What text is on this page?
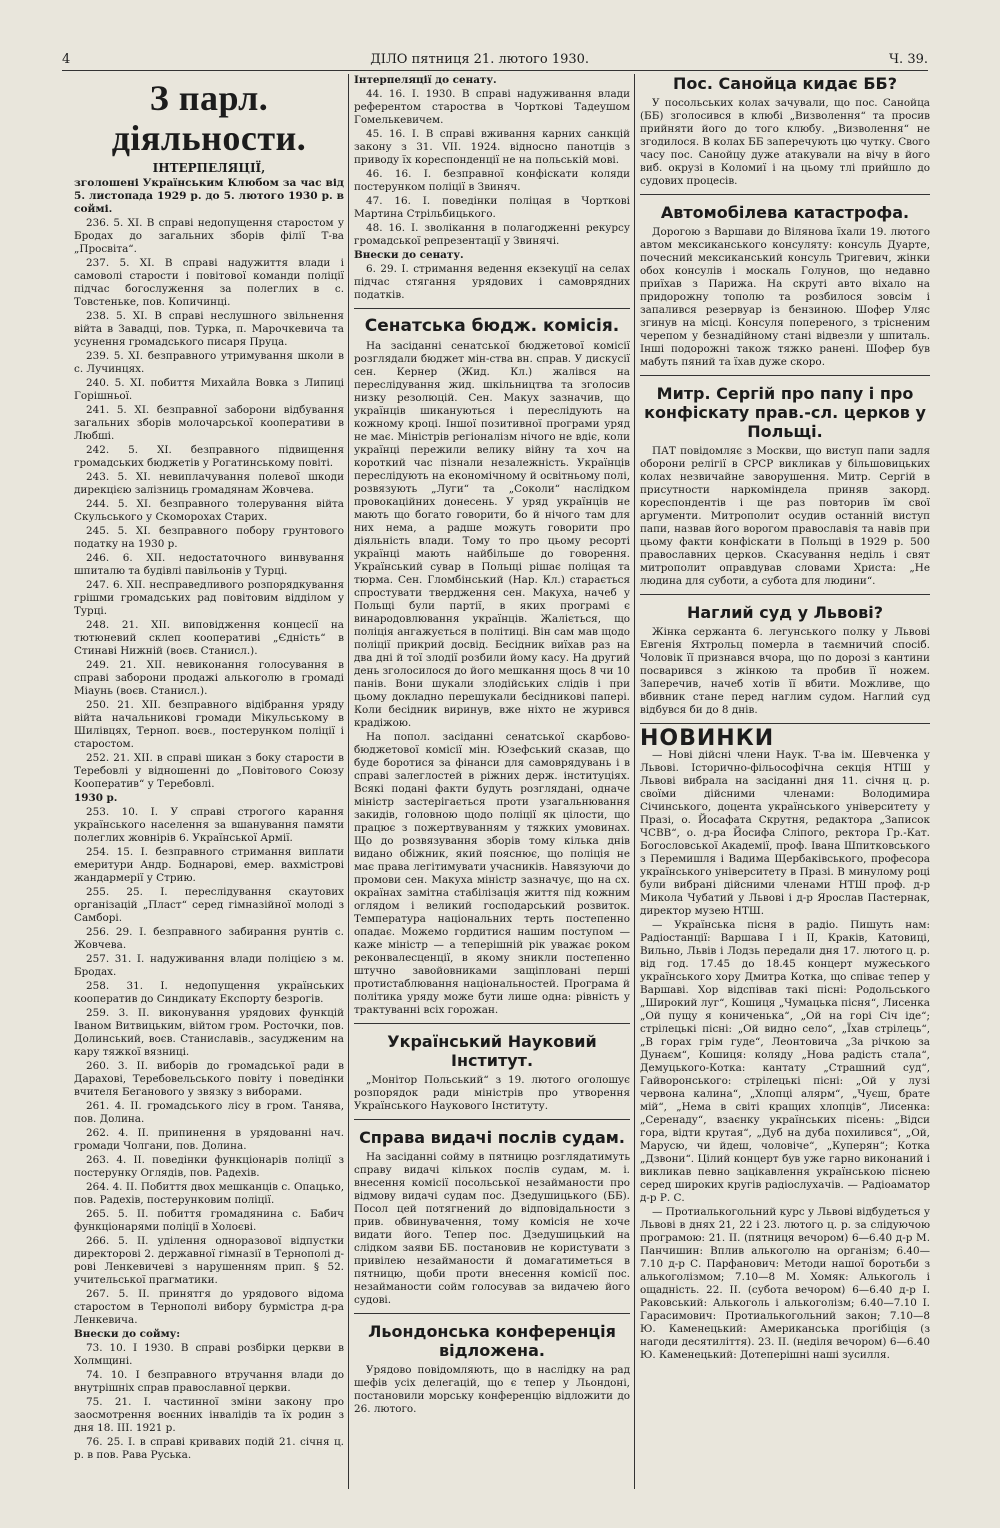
4	ДІЛО пятниця 21. лютого 1930.	Ч. 39.
З парл. діяльности.
ІНТЕРПЕЛЯЦІЇ,

зголошені Українським Клюбом за час від 5. листопада 1929 р. до 5. лютого 1930 р. в соймі.

236. 5. XI. В справі недопущення старостом у Бродах до загальних зборів філії Т-ва „Просвіта“.

237. 5. XI. В справі надужиття влади і самоволі старости і повітової команди поліції підчас богослуження за полеглих в с. Товстеньке, пов. Копичинці.

238. 5. XI. В справі неслушного звільнення війта в Завадці, пов. Турка, п. Марочкевича та усунення громадського писаря Пруца.

239. 5. XI. безправного утримування школи в с. Лучинцях.

240. 5. XI. побиття Михайла Вовка з Липиці Горішньої.

241. 5. XI. безправної заборони відбування загальних зборів молочарської кооперативи в Любші.

242. 5. XI. безправного підвищення громадських бюджетів у Рогатинському повіті.

243. 5. XI. невиплачування полевої шкоди дирекцією залізниць громадянам Жовчева.

244. 5. XI. безправного толерування війта Скульського у Скоморохах Старих.

245. 5. XI. безправного побору грунтового податку на 1930 р.

246. 6. XII. недостаточного винвування шпиталю та будівлі павільонів у Турці.

247. 6. XII. несправедливого розпорядкування грішми громадських рад повітовим відділом у Турці.

248. 21. XII. виповідження концесії на тютюневий склеп кооперативі „Єдність“ в Стинаві Нижній (воєв. Станисл.).

249. 21. XII. невиконання голосування в справі заборони продажі алькоголю в громаді Міаунь (воєв. Станисл.).

250. 21. XII. безправного відібрання уряду війта начальникові громади Мікульському в Шилівцях, Терноп. воєв., постерунком поліції і старостом.

252. 21. XII. в справі шикан з боку старости в Теребовлі у відношенні до „Повітового Союзу Кооператив“ у Теребовлі.

1930 р.

253. 10. I. У справі строгого карання українського населення за вшанування памяти полеглих жовнірів 6. Української Армії.

254. 15. I. безправного стримання виплати емеритури Андр. Боднарові, емер. вахмістрові жандармерії у Стрию.

255. 25. I. переслідування скаутових організацій „Пласт“ серед гімназійної молоді з Самборі.

256. 29. I. безправного забирання рунтів с. Жовчева.

257. 31. I. надуживання влади поліцією з м. Бродах.

258. 31. I. недопущення українських кооператив до Синдикату Експорту безрогів.

259. 3. II. виконування урядових функцій Іваном Витвицьким, війтом гром. Росточки, пов. Долинський, воєв. Станиславів., засудженим на кару тяжкої вязниці.

260. 3. II. виборів до громадської ради в Дарахові, Теребовельського повіту і поведінки вчителя Беганового у звязку з виборами.

261. 4. II. громадського лісу в гром. Танява, пов. Долина.

262. 4. II. припинення в урядованні нач. громади Чолгани, пов. Долина.

263. 4. II. поведінки функціонарів поліції з постерунку Оглядів, пов. Радехів.

264. 4. II. Побиття двох мешканців с. Опацько, пов. Радехів, постерунковим поліції.

265. 5. II. побиття громадянина с. Бабич функціонарями поліції в Холоєві.

266. 5. II. уділення одноразової відпустки директорові 2. державної гімназії в Тернополі д-рові Ленкевичеві з нарушенням прип. § 52. учительської прагматики.

267. 5. II. принятгя до урядового відома старостом в Тернополі вибору бурмістра д-ра Ленкевича.

Внески до сойму:

73. 10. I 1930. В справі розбірки церкви в Холмщині.

74. 10. I безправного втручання влади до внутрішніх справ православної церкви.

75. 21. I. частинної зміни закону про заосмотрення воєнних інвалідів та їх родин з дня 18. III. 1921 р.

76. 25. I. в справі кривавих подій 21. січня ц. р. в пов. Рава Руська.

Інтерпеляції до сенату.

44. 16. I. 1930. В справі надуживання влади референтом староства в Чорткові Тадеушом Гомелькевичем.

45. 16. I. В справі вживання карних санкцій закону з 31. VII. 1924. відносно панотців з приводу їх кореспонденції не на польській мові.

46. 16. I. безправної конфіскати коляди постерунком поліції в Звиняч.

47. 16. I. поведінки поліцая в Чорткові Мартина Стрільбицького.

48. 16. I. зволікання в полагодженні рекурсу громадської репрезентації у Звинячі.

Внески до сенату.

6. 29. I. стримання ведення екзекуції на селах підчас стягання урядових і самоврядних податків.

Сенатська бюдж. комісія.

На засіданні сенатської бюджетової комісії розглядали бюджет мін-ства вн. справ. У дискусії сен. Кернер (Жид. Кл.) жалівся на переслідування жид. шкільництва та зголосив низку резолюцій. Сен. Макух зазначив, що українців шикануються і переслідують на кожному кроці. Іншої позитивної програми уряд не має. Міністрів регіоналізм нічого не вдіє, коли українці пережили велику війну та хоч на короткий час пізнали незалежність. Українців переслідують на економічному й освітньому полі, розвязують „Луги“ та „Соколи“ наслідком провокаційних донесень. У уряд українців не мають що богато говорити, бо й нічого там для них нема, а радше можуть говорити про діяльність влади. Тому то про цьому ресорті українці мають найбільше до говорення. Український сувар в Польщі рішає поліцая та тюрма. Сен. Гломбінський (Нар. Кл.) старається спростувати твердження сен. Макуха, начеб у Польщі були партії, в яких програмі є винародовлювання українців. Жаліється, що поліція ангажується в політиці. Він сам мав щодо поліції прикрий досвід. Бесідник виїхав раз на два дні й тої злодії розбили йому касу. На другий день зголосилося до його мешкання щось 8 чи 10 панів. Вони шукали злодійських слідів і при цьому докладно перешукали бесідникові папері. Коли бесідник виринув, вже ніхто не журився крадіжою.

На попол. засіданні сенатської скарбово-бюджетової комісії мін. Юзефський сказав, що буде боротися за фінанси для самоврядувань і в справі залеглостей в ріжних держ. інституціях. Всякі подані факти будуть розглядані, одначе міністр застерігається проти узагальнювання закидів, головною щодо поліції як цілости, що працює з пожертвуванням у тяжких умовинах. Що до розвязування зборів тому кілька днів видано обіжник, який пояснює, що поліція не має права легітимувати учасників. Навязуючи до промови сен. Макуха міністр зазначує, що на сх. окраїнах замітна стабілізація життя під кожним оглядом і великий господарський розвиток. Температура національних терть постепенно опадає. Можемо гордитися нашим поступом — каже міністр — а теперішній рік уважає роком реконвалесценції, в якому зникли постепенно штучно завойовниками защіпловані перші протистаблювання національностей. Програма й політика уряду може бути лише одна: рівність у трактуванні всіх горожан.

Український Науковий Інститут.

„Монітор Польський“ з 19. лютого оголошує розпорядок ради міністрів про утворення Українського Наукового Інституту.

Справа видачі послів судам.

На засіданні сойму в пятницю розглядатимуть справу видачі кількох послів судам, м. і. внесення комісії посольської незайманости про відмову видачі судам пос. Дзедушицького (ББ). Посол цей потягнений до відповідальности з прив. обвинувачення, тому комісія не хоче видати його. Тепер пос. Дзедушицький на слідком заяви ББ. постановив не користувати з привілею незайманости й домагатиметься в пятницю, щоби проти внесення комісії пос. незайманости сойм голосував за видачею його судові.

Льондонська конференція відложена.

Урядово повідомляють, що в наслідку на рад шефів усіх делегацій, що є тепер у Льондоні, постановили морську конференцію відложити до 26. лютого.

Пос. Санойца кидає ББ?

У посольських колах зачували, що пос. Санойца (ББ) зголосився в клюбі „Визволення“ та просив прийняти його до того клюбу. „Визволення“ не згодилося. В колах ББ заперечують цю чутку. Свого часу пос. Санойцу дуже атакували на вічу в його виб. окрузі в Коломиї і на цьому тлі прийшло до судових процесів.

Автомобілева катастрофа.

Дорогою з Варшави до Вілянова їхали 19. лютого автом мексиканського консуляту: консуль Дуарте, почесний мексиканський консуль Тригевич, жінки обох консулів і москаль Голунов, що недавно приїхав з Парижа. На скруті авто віхало на придорожну тополю та розбилося зовсім і запалився резервуар із бензиною. Шофер Уляс згинув на місці. Консуля попереного, з трісненим черепом у безнадійному стані відвезли у шпиталь. Інші подорожні також тяжко ранені. Шофер був мабуть пяний та їхав дуже скоро.

Митр. Сергій про папу і про конфіскату прав.-сл. церков у Польщі.

ПАТ повідомляє з Москви, що виступ папи задля оборони релігії в СРСР викликав у більшовицьких колах незвичайне заворушення. Митр. Сергій в присутности наркоміндела приняв закорд. кореспондентів і ще раз повторив їм свої аргументи. Митрополит осудив останній виступ папи, назвав його ворогом православія та навів при цьому факти конфіскати в Польщі в 1929 р. 500 православних церков. Скасування неділь і свят митрополит оправдував словами Христа: „Не людина для суботи, а субота для людини“.

Наглий суд у Львові?

Жінка сержанта 6. легунського полку у Львові Евгенія Яхтрольц померла в таємничий спосіб. Чоловік її признався вчора, що по дорозі з кантини посварився з жінкою та пробив її ножем. Заперечив, начеб хотів її вбити. Можливе, що вбивник стане перед наглим судом. Наглий суд відбувся би до 8 днів.

НОВИНКИ

— Нові дійсні члени Наук. Т-ва ім. Шевченка у Львові. Історично-фільософічна секція НТШ у Львові вибрала на засіданні дня 11. січня ц. р. своїми дійсними членами: Володимира Січинського, доцента українського університету у Празі, о. Йосафата Скрутня, редактора „Записок ЧСВВ“, о. д-ра Йосифа Сліпого, ректора Гр.-Кат. Богословської Академії, проф. Івана Шпитковського з Перемишля і Вадима Щербаківського, професора українського університету в Празі. В минулому році були вибрані дійсними членами НТШ проф. д-р Микола Чубатий у Львові і д-р Ярослав Пастернак, директор музею НТШ.

— Українська пісня в радіо. Пишуть нам: Радіостанції: Варшава I і II, Краків, Катовиці, Вильно, Львів і Лодзь передали дня 17. лютого ц. р. від год. 17.45 до 18.45 концерт мужеського українського хору Дмитра Котка, що співає тепер у Варшаві. Хор відспівав такі пісні: Родольського „Широкий луг“, Кошиця „Чумацька пісня“, Лисенка „Ой пущу я кониченька“, „Ой на горі Січ іде“; стрілецькі пісні: „Ой видно село“, „Їхав стрілець“, „В горах грім гуде“, Леонтовича „За річкою за Дунаєм“, Кошиця: коляду „Нова радість стала“, Демуцького-Котка: кантату „Страшний суд“, Гайворонського: стрілецькі пісні: „Ой у лузі червона калина“, „Хлопці алярм“, „Чуєш, брате мій“, „Нема в світі кращих хлопців“, Лисенка: „Серенаду“, взаєнку українських пісень: „Відси гора, відти крутая“, „Дуб на дуба похилився“, „Ой, Марусю, чи йдеш, чоловіче“, „Куперян“; Котка „Дзвони“. Цілий концерт був уже гарно виконаний і викликав певно зацікавлення українською піснею серед широких кругів радіослухачів. — Радіоаматор д-р Р. С.

— Протиалькогольний курс у Львові відбудеться у Львові в днях 21, 22 і 23. лютого ц. р. за слідуючою програмою: 21. II. (пятниця вечором) 6—6.40 д-р М. Панчишин: Вплив алькоголю на організм; 6.40—7.10 д-р С. Парфанович: Методи нашої боротьби з алькоголізмом; 7.10—8 М. Хомяк: Алькоголь і ощадність. 22. II. (субота вечором) 6—6.40 д-р I. Раковський: Алькоголь і алькоголізм; 6.40—7.10 I. Гарасимович: Протиалькогольний закон; 7.10—8 Ю. Каменецький: Американська прогібіція (з нагоди десятиліття). 23. II. (неділя вечором) 6—6.40 Ю. Каменецький: Дотеперішні наші зусилля.
